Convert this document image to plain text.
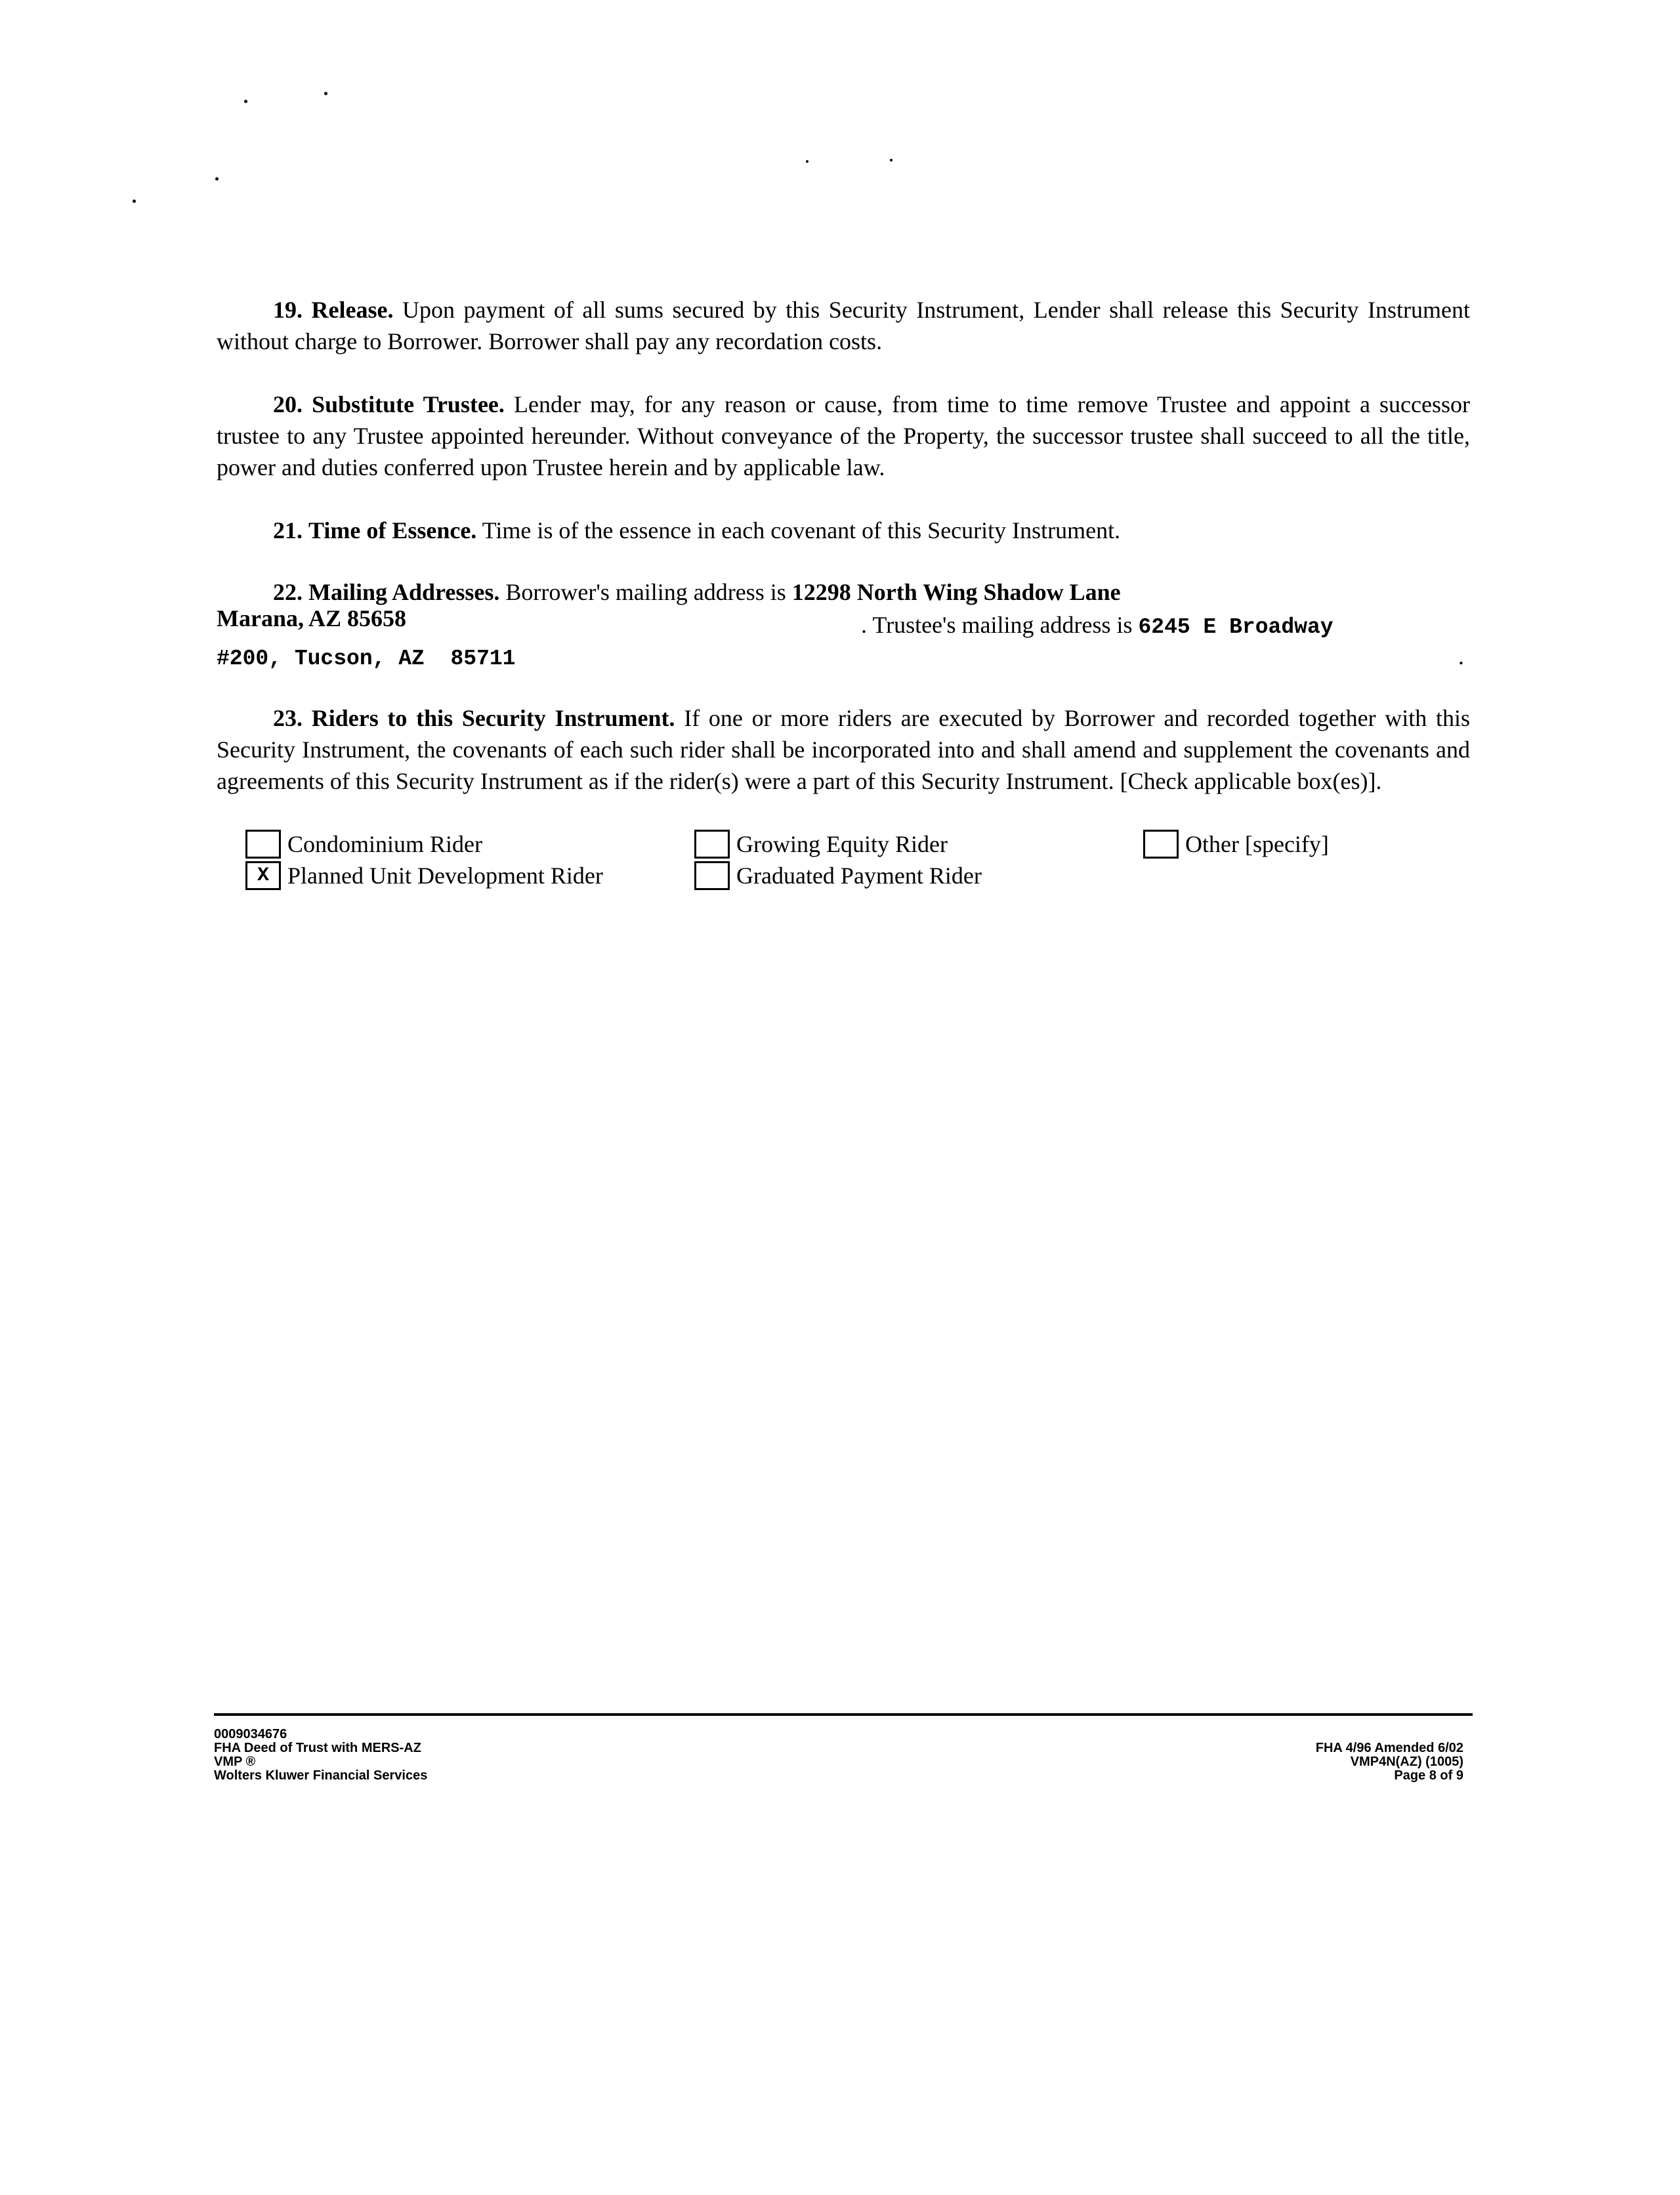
19. Release. Upon payment of all sums secured by this Security Instrument, Lender shall release this Security Instrument without charge to Borrower. Borrower shall pay any recordation costs.
20. Substitute Trustee. Lender may, for any reason or cause, from time to time remove Trustee and appoint a successor trustee to any Trustee appointed hereunder. Without conveyance of the Property, the successor trustee shall succeed to all the title, power and duties conferred upon Trustee herein and by applicable law.
21. Time of Essence. Time is of the essence in each covenant of this Security Instrument.
22. Mailing Addresses. Borrower's mailing address is 12298 North Wing Shadow Lane
Marana, AZ 85658	. Trustee's mailing address is 6245 E Broadway
#200, Tucson, AZ  85711	.
23. Riders to this Security Instrument. If one or more riders are executed by Borrower and recorded together with this Security Instrument, the covenants of each such rider shall be incorporated into and shall amend and supplement the covenants and agreements of this Security Instrument as if the rider(s) were a part of this Security Instrument. [Check applicable box(es)].
Condominium Rider	Growing Equity Rider	Other [specify]
X Planned Unit Development Rider	Graduated Payment Rider
0009034676
FHA Deed of Trust with MERS-AZ
VMP ®
Wolters Kluwer Financial Services
FHA 4/96 Amended 6/02
VMP4N(AZ) (1005)
Page 8 of 9
